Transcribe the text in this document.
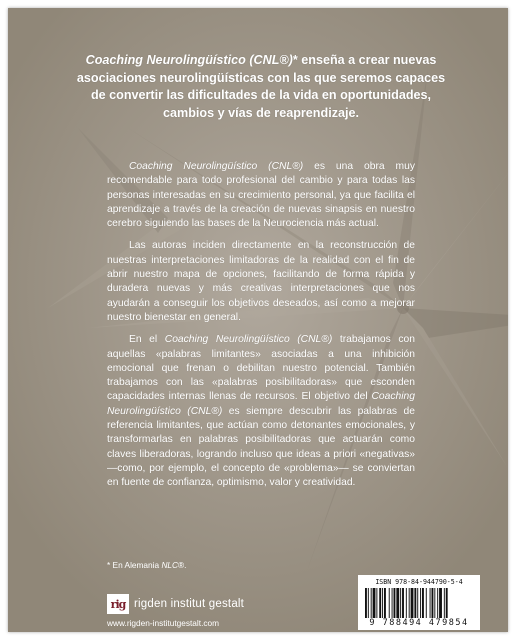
Coaching Neurolingüístico (CNL®)* enseña a crear nuevas asociaciones neurolingüísticas con las que seremos capaces de convertir las dificultades de la vida en oportunidades, cambios y vías de reaprendizaje.

Coaching Neurolingüístico (CNL®) es una obra muy recomendable para todo profesional del cambio y para todas las personas interesadas en su crecimiento personal, ya que facilita el aprendizaje a través de la creación de nuevas sinapsis en nuestro cerebro siguiendo las bases de la Neurociencia más actual.

Las autoras inciden directamente en la reconstrucción de nuestras interpretaciones limitadoras de la realidad con el fin de abrir nuestro mapa de opciones, facilitando de forma rápida y duradera nuevas y más creativas interpretaciones que nos ayudarán a conseguir los objetivos deseados, así como a mejorar nuestro bienestar en general.

En el Coaching Neurolingüístico (CNL®) trabajamos con aquellas «palabras limitantes» asociadas a una inhibición emocional que frenan o debilitan nuestro potencial. También trabajamos con las «palabras posibilitadoras» que esconden capacidades internas llenas de recursos. El objetivo del Coaching Neurolingüístico (CNL®) es siempre descubrir las palabras de referencia limitantes, que actúan como detonantes emocionales, y transformarlas en palabras posibilitadoras que actuarán como claves liberadoras, logrando incluso que ideas a priori «negativas» —como, por ejemplo, el concepto de «problema»— se conviertan en fuente de confianza, optimismo, valor y creatividad.

* En Alemania NLC®.
rig rigden institut gestalt
www.rigden-institutgestalt.com
ISBN 978-84-944790-5-4
9 788494 479854
